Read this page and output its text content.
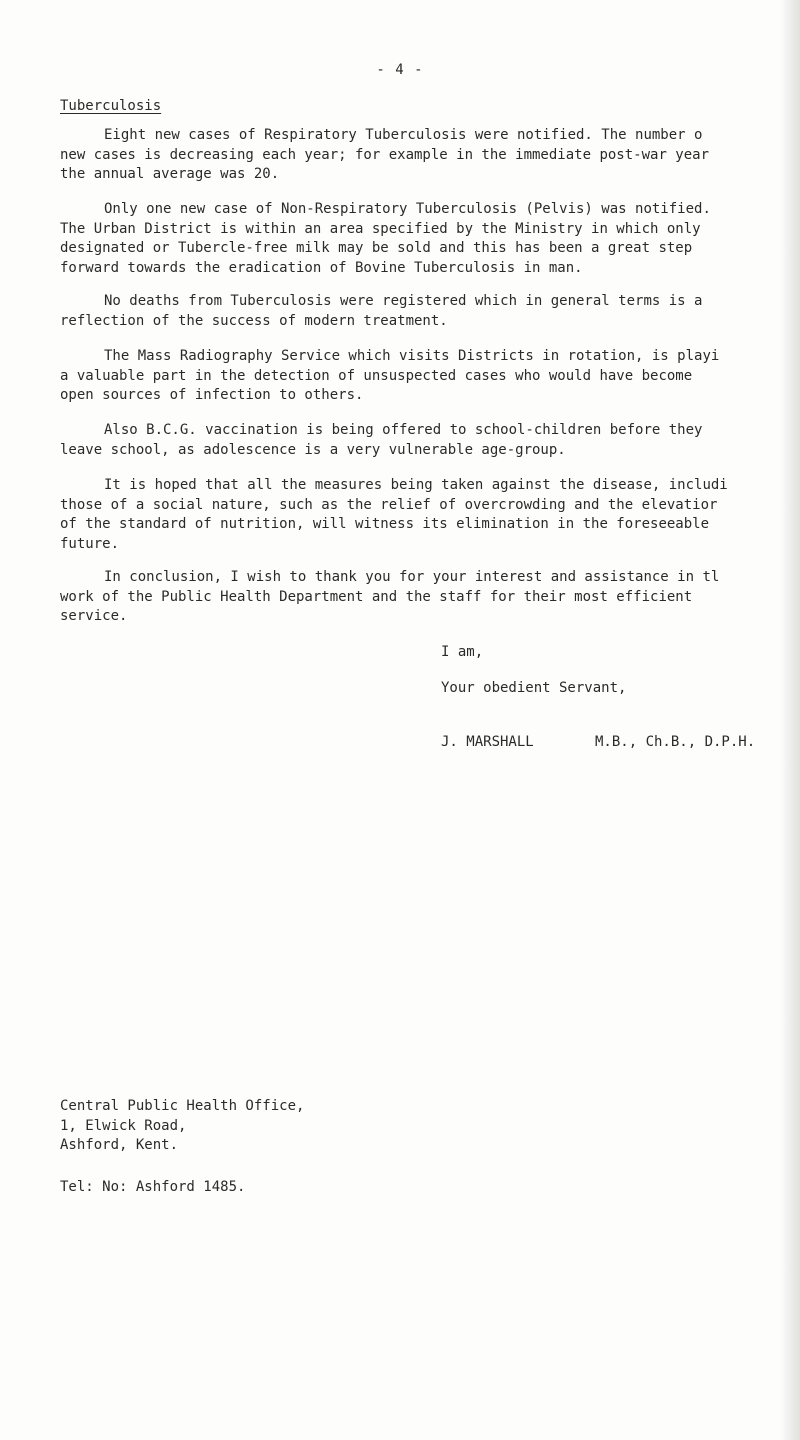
- 4 -
Tuberculosis

Eight new cases of Respiratory Tuberculosis were notified. The number o
new cases is decreasing each year; for example in the immediate post-war year
the annual average was 20.

Only one new case of Non-Respiratory Tuberculosis (Pelvis) was notified.
The Urban District is within an area specified by the Ministry in which only
designated or Tubercle-free milk may be sold and this has been a great step
forward towards the eradication of Bovine Tuberculosis in man.

No deaths from Tuberculosis were registered which in general terms is a
reflection of the success of modern treatment.

The Mass Radiography Service which visits Districts in rotation, is playi
a valuable part in the detection of unsuspected cases who would have become
open sources of infection to others.

Also B.C.G. vaccination is being offered to school-children before they
leave school, as adolescence is a very vulnerable age-group.

It is hoped that all the measures being taken against the disease, includi
those of a social nature, such as the relief of overcrowding and the elevatior
of the standard of nutrition, will witness its elimination in the foreseeable
future.

In conclusion, I wish to thank you for your interest and assistance in tl
work of the Public Health Department and the staff for their most efficient
service.

I am,
Your obedient Servant,
J. MARSHALL	M.B., Ch.B., D.P.H.
Central Public Health Office,
1, Elwick Road,
Ashford, Kent.
Tel: No: Ashford 1485.
